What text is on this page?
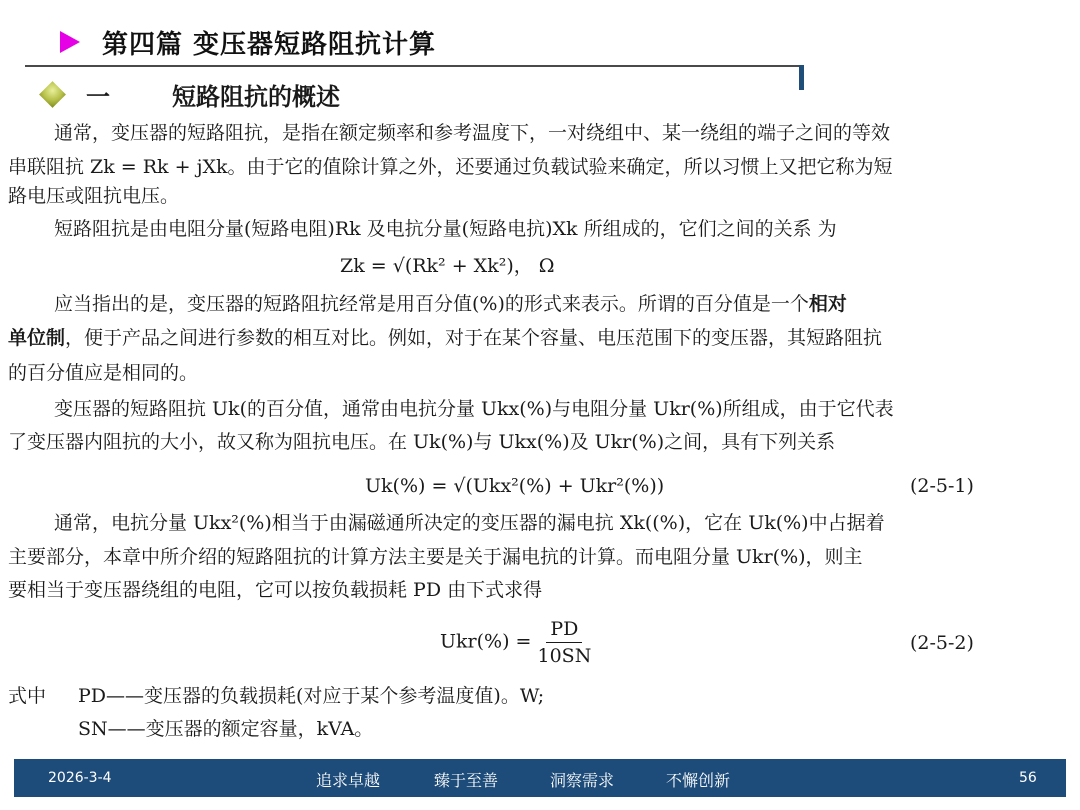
第四篇 变压器短路阻抗计算
一	短路阻抗的概述
通常，变压器的短路阻抗，是指在额定频率和参考温度下，一对绕组中、某一绕组的端子之间的等效
串联阻抗 Zk = Rk + jXk。由于它的值除计算之外，还要通过负载试验来确定，所以习惯上又把它称为短
路电压或阻抗电压。
短路阻抗是由电阻分量(短路电阻)Rk 及电抗分量(短路电抗)Xk 所组成的，它们之间的关系 为
Zk = √(Rk² + Xk²)， Ω
应当指出的是，变压器的短路阻抗经常是用百分值(%)的形式来表示。所谓的百分值是一个相对
单位制，便于产品之间进行参数的相互对比。例如，对于在某个容量、电压范围下的变压器，其短路阻抗
的百分值应是相同的。
变压器的短路阻抗 Uk(的百分值，通常由电抗分量 Ukx(%)与电阻分量 Ukr(%)所组成，由于它代表
了变压器内阻抗的大小，故又称为阻抗电压。在 Uk(%)与 Ukx(%)及 Ukr(%)之间，具有下列关系
Uk(%) = √(Ukx²(%) + Ukr²(%))	(2-5-1)
通常，电抗分量 Ukx²(%)相当于由漏磁通所决定的变压器的漏电抗 Xk((%)，它在 Uk(%)中占据着
主要部分，本章中所介绍的短路阻抗的计算方法主要是关于漏电抗的计算。而电阻分量 Ukr(%)，则主
要相当于变压器绕组的电阻，它可以按负载损耗 PD 由下式求得
$Ukr(\%) = \frac{PD}{10SN}$	(2-5-2)
式中 PD——变压器的负载损耗(对应于某个参考温度值)。W;
SN——变压器的额定容量，kVA。
2026-3-4	追求卓越	臻于至善	洞察需求	不懈创新	56
